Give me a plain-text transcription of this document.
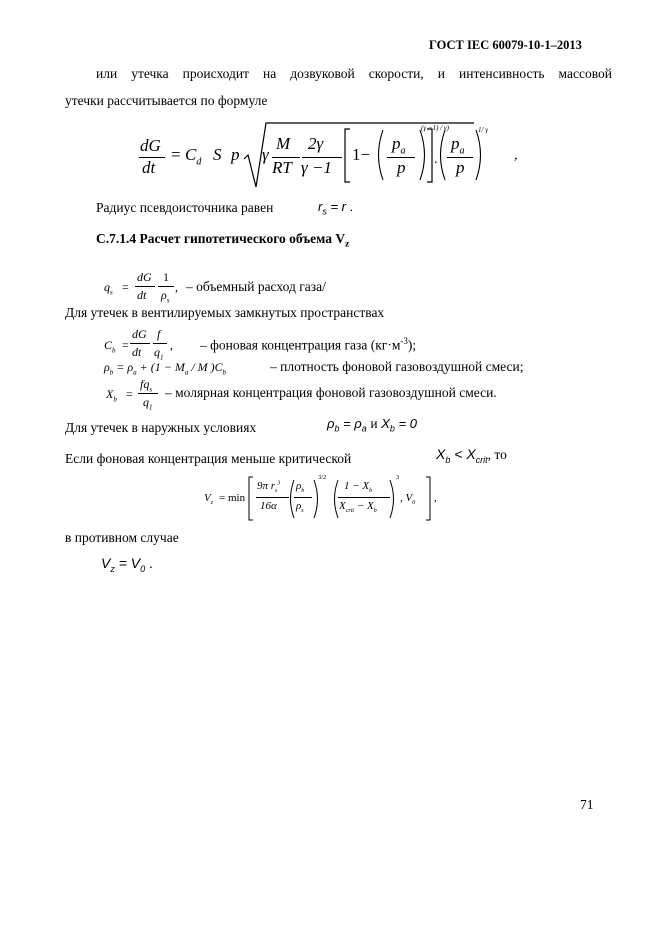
ГОСТ IEC 60079-10-1–2013
или утечка происходит на дозвуковой скорости, и интенсивность массовой
утечки рассчитывается по формуле
dG
dt
= $C_d$ S p γ
M
RT
2γ
γ −1
1−
$p_a$
p
(γ −1) / γ)
.
$p_a$
p
1/ γ
,
Радиус псевдоисточника равен	$r_s = r$ .
С.7.1.4 Расчет гипотетического объема $V_z$
$q_s$ =
dG
dt
1
$\rho_s$
, – объемный расход газа/
Для утечек в вентилируемых замкнутых пространствах
$C_b$ =
dG
dt
f
$q_1$
, – фоновая концентрация газа $(кг\cdot м^{-3})$;
$\rho_b = \rho_a + (1 - M_a / M$ )$C_b$	– плотность фоновой газовоздушной смеси;
$X_b$ =
$fq_s$
$q_1$
– молярная концентрация фоновой газовоздушной смеси.
Для утечек в наружных условиях	$\rho_b = \rho_a$ и $X_b = 0$
Если фоновая концентрация меньше критической	$X_b < X_{crit}$, то
$V_z = \min$
9π $r_s^3$
16α
$\rho_b$
$\rho_s$
3/2
$1 - X_b$
$X_{crit} - X_b$
3
, $V_0$ ,
в противном случае
$V_z = V_0$ .
71
